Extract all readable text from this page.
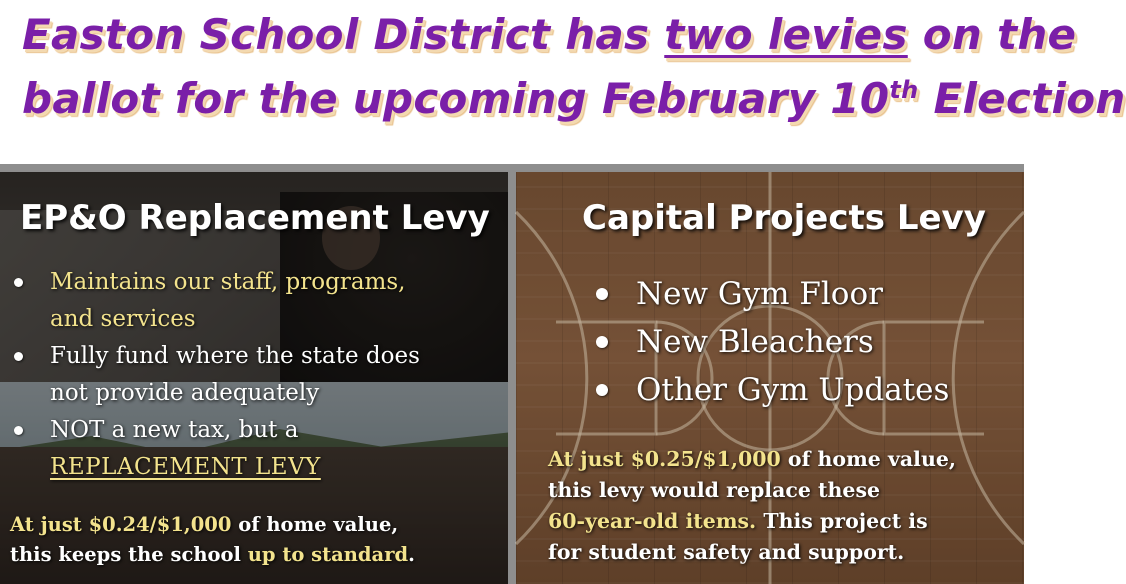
Easton School District has two levies on the
ballot for the upcoming February 10th Election
EP&O Replacement Levy
Maintains our staff, programs,
and services
Fully fund where the state does
not provide adequately
NOT a new tax, but a
REPLACEMENT LEVY
At just $0.24/$1,000 of home value,
this keeps the school up to standard.
Capital Projects Levy
New Gym Floor
New Bleachers
Other Gym Updates
At just $0.25/$1,000 of home value,
this levy would replace these
60-year-old items. This project is
for student safety and support.
